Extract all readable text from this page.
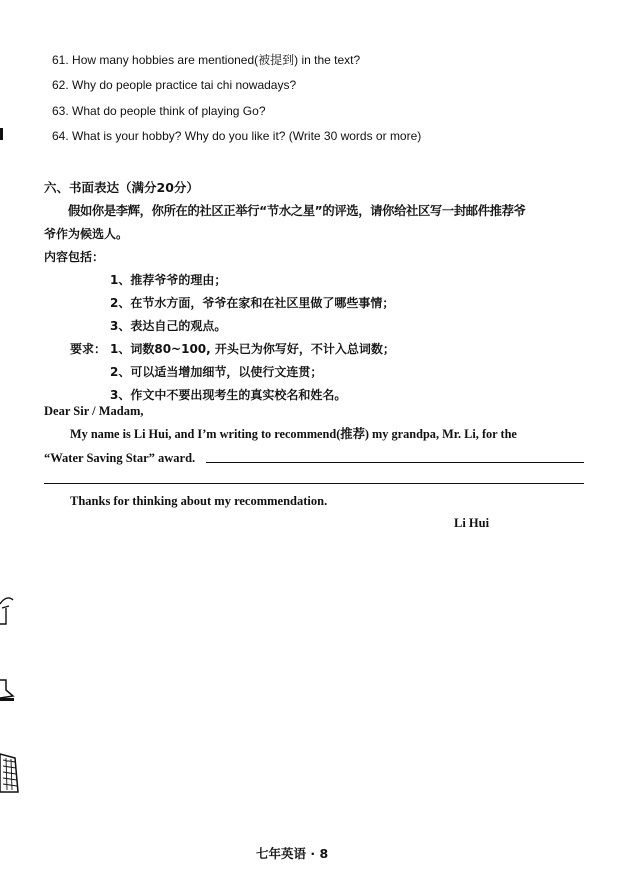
61. How many hobbies are mentioned(被提到) in the text?
62. Why do people practice tai chi nowadays?
63. What do people think of playing Go?
64. What is your hobby? Why do you like it? (Write 30 words or more)
六、书面表达（满分20分）
假如你是李辉，你所在的社区正举行“节水之星”的评选，请你给社区写一封邮件推荐爷
爷作为候选人。
内容包括：
1、推荐爷爷的理由；
2、在节水方面，爷爷在家和在社区里做了哪些事情；
3、表达自己的观点。
要求： 1、词数80~100, 开头已为你写好，不计入总词数；
2、可以适当增加细节，以使行文连贯；
3、作文中不要出现考生的真实校名和姓名。
Dear Sir / Madam,
My name is Li Hui, and I’m writing to recommend(推荐) my grandpa, Mr. Li, for the
“Water Saving Star” award.
Thanks for thinking about my recommendation.
Li Hui
七年英语 · 8
